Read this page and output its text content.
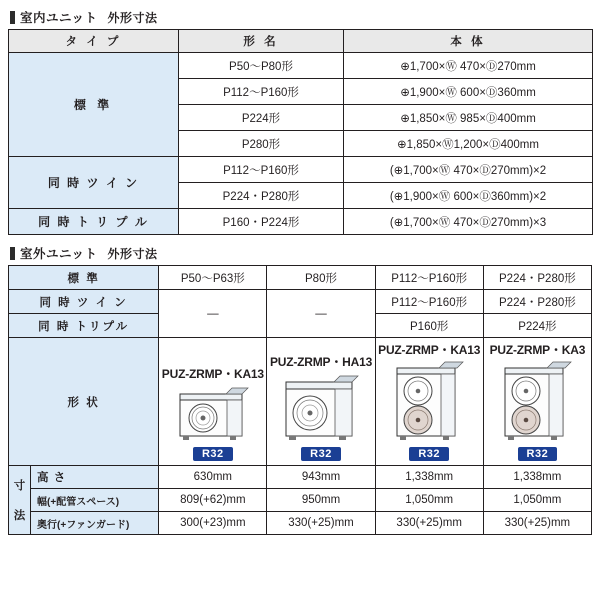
室内ユニット 外形寸法
タ イ プ	形 名	本 体
標 準	P50〜P80形	⊕1,700×Ⓦ 470×Ⓓ270mm
	P112〜P160形	⊕1,900×Ⓦ 600×Ⓓ360mm
	P224形	⊕1,850×Ⓦ 985×Ⓓ400mm
	P280形	⊕1,850×Ⓦ1,200×Ⓓ400mm
同 時 ツ イ ン	P112〜P160形	(⊕1,700×Ⓦ 470×Ⓓ270mm)×2
	P224・P280形	(⊕1,900×Ⓦ 600×Ⓓ360mm)×2
同 時 ト リ プ ル	P160・P224形	(⊕1,700×Ⓦ 470×Ⓓ270mm)×3
室外ユニット 外形寸法
標 準		P50〜P63形	P80形	P112〜P160形	P224・P280形
同 時 ツ イ ン		—	—	P112〜P160形	P224・P280形
同 時 トリプル				P160形	P224形
形 状	
PUZ-ZRMP・KA13
R32

PUZ-ZRMP・HA13
R32

PUZ-ZRMP・KA13
R32

PUZ-ZRMP・KA3
R32

寸
法	高 さ	630mm	943mm	1,338mm	1,338mm
	幅(+配管スペース)	809(+62)mm	950mm	1,050mm	1,050mm
	奥行(+ファンガード)	300(+23)mm	330(+25)mm	330(+25)mm	330(+25)mm
